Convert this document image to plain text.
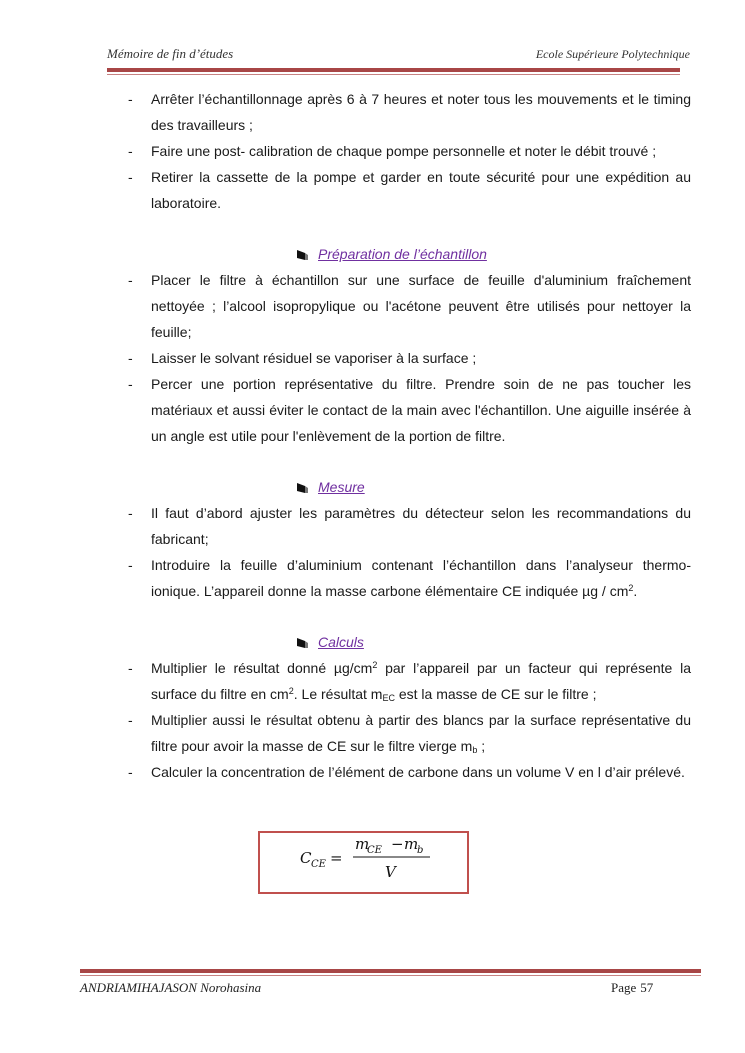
Mémoire de fin d’études	Ecole Supérieure Polytechnique
- Arrêter l’échantillonnage après 6 à 7 heures et noter tous les mouvements et le timing des travailleurs ;
- Faire une post- calibration de chaque pompe personnelle et noter le débit trouvé ;
- Retirer la cassette de la pompe et garder en toute sécurité pour une expédition au laboratoire.
Préparation de l’échantillon
- Placer le filtre à échantillon sur une surface de feuille d'aluminium fraîchement nettoyée ; l’alcool isopropylique ou l'acétone peuvent être utilisés pour nettoyer la feuille;
- Laisser le solvant résiduel se vaporiser à la surface ;
- Percer une portion représentative du filtre. Prendre soin de ne pas toucher les matériaux et aussi éviter le contact de la main avec l'échantillon. Une aiguille insérée à un angle est utile pour l'enlèvement de la portion de filtre.
Mesure
- Il faut d’abord ajuster les paramètres du détecteur selon les recommandations du fabricant;
- Introduire la feuille d’aluminium contenant l’échantillon dans l’analyseur thermo-ionique. L’appareil donne la masse carbone élémentaire CE indiquée µg / $cm^2$.
Calculs
- Multiplier le résultat donné $\mu g/cm^2$ par l’appareil par un facteur qui représente la surface du filtre en $cm^2$. Le résultat $m_{EC}$ est la masse de CE sur le filtre ;
- Multiplier aussi le résultat obtenu à partir des blancs par la surface représentative du filtre pour avoir la masse de CE sur le filtre vierge $m_b$ ;
- Calculer la concentration de l’élément de carbone dans un volume V en l d’air prélevé.
C CE =
m
CE − m
b
V
ANDRIAMIHAJASON Norohasina	Page 57
